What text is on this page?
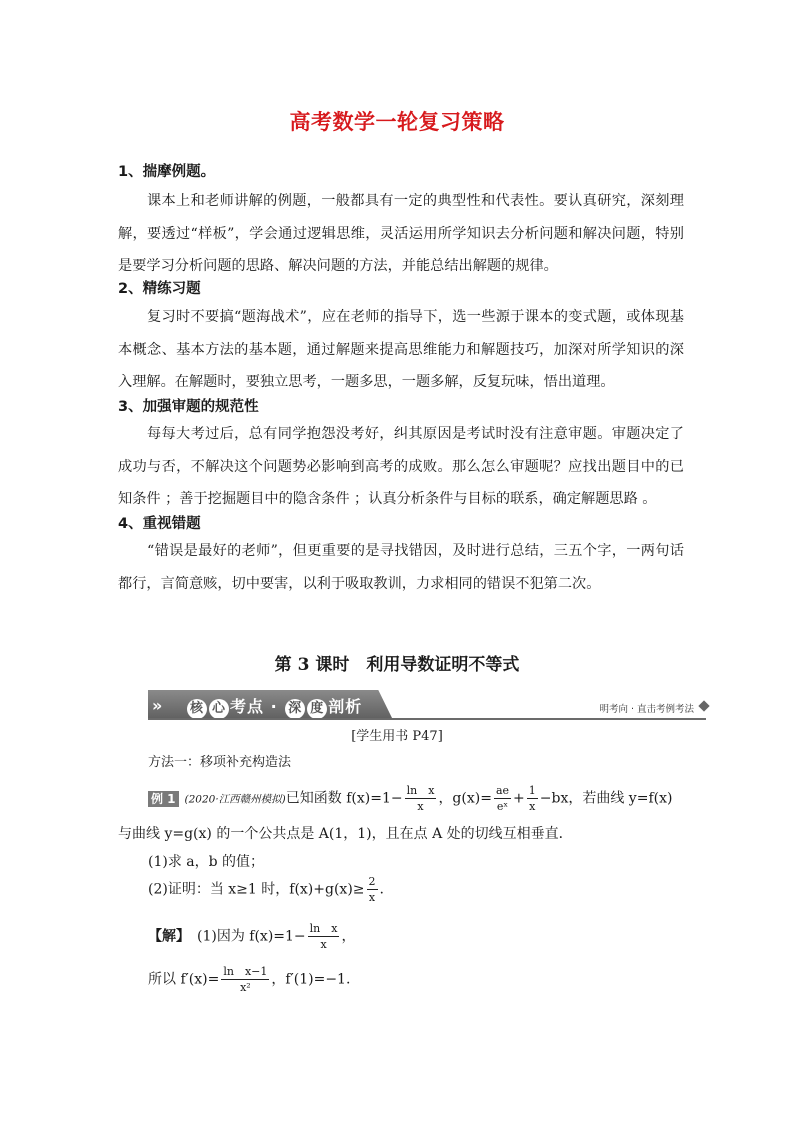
高考数学一轮复习策略
1、揣摩例题。

课本上和老师讲解的例题，一般都具有一定的典型性和代表性。要认真研究，深刻理解，要透过“样板”，学会通过逻辑思维，灵活运用所学知识去分析问题和解决问题，特别是要学习分析问题的思路、解决问题的方法，并能总结出解题的规律。

2、精练习题

复习时不要搞“题海战术”，应在老师的指导下，选一些源于课本的变式题，或体现基本概念、基本方法的基本题，通过解题来提高思维能力和解题技巧，加深对所学知识的深入理解。在解题时，要独立思考，一题多思，一题多解，反复玩味，悟出道理。

3、加强审题的规范性

每每大考过后，总有同学抱怨没考好，纠其原因是考试时没有注意审题。审题决定了成功与否，不解决这个问题势必影响到高考的成败。那么怎么审题呢？应找出题目中的已知条件 ；善于挖掘题目中的隐含条件 ；认真分析条件与目标的联系，确定解题思路 。

4、重视错题

“错误是最好的老师”，但更重要的是寻找错因，及时进行总结，三五个字，一两句话都行，言简意赅，切中要害，以利于吸取教训，力求相同的错误不犯第二次。

第 3 课时　利用导数证明不等式
»	核 心 考点 · 深 度 剖析	明考向 · 直击考例考法
[学生用书 P47]
方法一：移项补充构造法
例 1 (2020·江西赣州模拟)已知函数 $f(x)=1- \frac{\text{ln　x}}{x}$ ，$g(x)= \frac{ae}{\text{eˣ}} + \frac{1}{x} -bx$，若曲线 y=f(x)
与曲线 y=g(x) 的一个公共点是 A(1，1)，且在点 A 处的切线互相垂直．
(1)求 a，b 的值；
(2)证明：当 x≥1 时，$f(x)+g(x)\ge \frac{2}{x}$ .
【解】　(1)因为 $f(x)=1- \frac{\text{ln　x}}{x}$ ，
所以 $f'(x)= \frac{\text{ln　x−1}}{\text{x²}}$ ，f′(1)=−1.
